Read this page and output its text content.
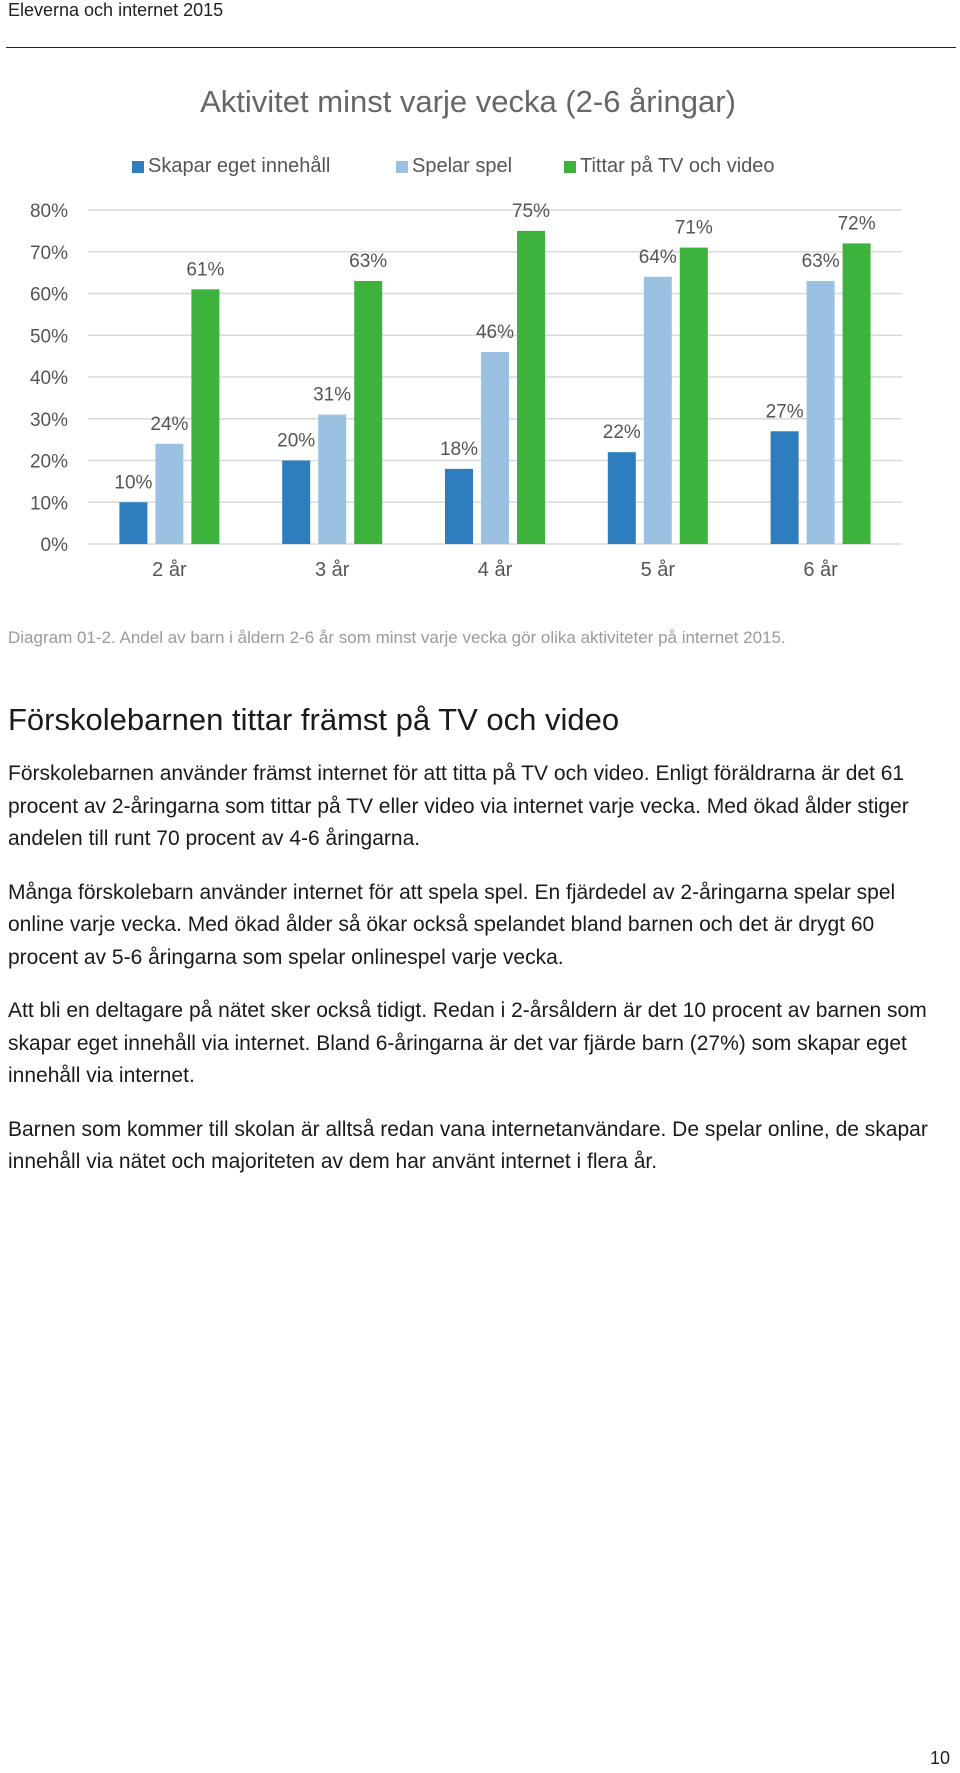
Eleverna och internet 2015
Aktivitet minst varje vecka (2-6 åringar)
Skapar eget innehåll	Spelar spel	Tittar på TV och video
0%
10%
20%
30%
40%
50%
60%
70%
80%
10%
24%
61%
20%
31%
63%
18%
46%
75%
22%
64%
71%
27%
63%
72%
2 år	3 år	4 år	5 år	6 år
Diagram 01-2. Andel av barn i åldern 2-6 år som minst varje vecka gör olika aktiviteter på internet 2015.
Förskolebarnen tittar främst på TV och video

Förskolebarnen använder främst internet för att titta på TV och video. Enligt föräldrarna är det 61 procent av 2-åringarna som tittar på TV eller video via internet varje vecka. Med ökad ålder stiger andelen till runt 70 procent av 4-6 åringarna.

Många förskolebarn använder internet för att spela spel. En fjärdedel av 2-åringarna spelar spel online varje vecka. Med ökad ålder så ökar också spelandet bland barnen och det är drygt 60 procent av 5-6 åringarna som spelar onlinespel varje vecka.

Att bli en deltagare på nätet sker också tidigt. Redan i 2-årsåldern är det 10 procent av barnen som skapar eget innehåll via internet. Bland 6-åringarna är det var fjärde barn (27%) som skapar eget innehåll via internet.

Barnen som kommer till skolan är alltså redan vana internetanvändare. De spelar online, de skapar innehåll via nätet och majoriteten av dem har använt internet i flera år.

10
